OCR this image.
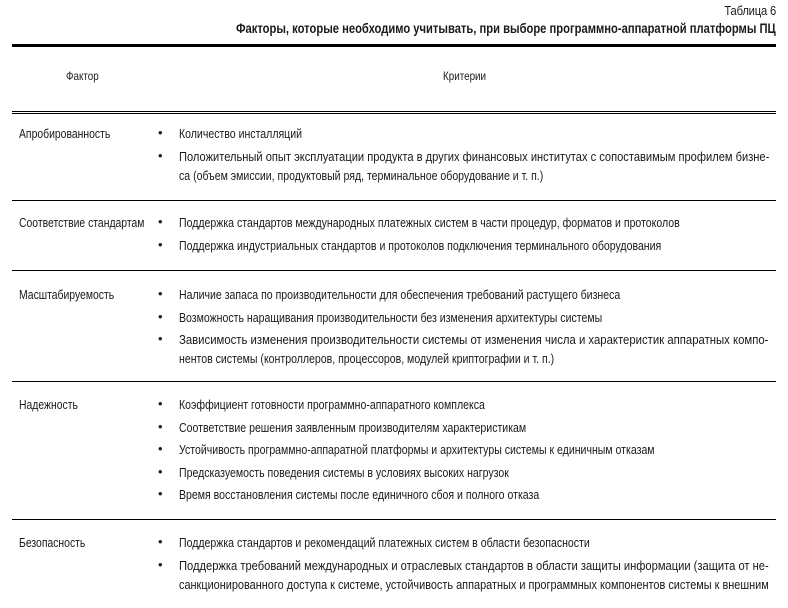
Таблица 6
Факторы, которые необходимо учитывать, при выборе программно-аппаратной платформы ПЦ
Фактор	Критерии
Апробированность	• Количество инсталляций
• Положительный опыт эксплуатации продукта в других финансовых институтах с сопоставимым профилем бизне-
са (объем эмиссии, продуктовый ряд, терминальное оборудование и т. п.)
Соответствие стандартам • Поддержка стандартов международных платежных систем в части процедур, форматов и протоколов
• Поддержка индустриальных стандартов и протоколов подключения терминального оборудования
Масштабируемость	• Наличие запаса по производительности для обеспечения требований растущего бизнеса
• Возможность наращивания производительности без изменения архитектуры системы
• Зависимость изменения производительности системы от изменения числа и характеристик аппаратных компо-
нентов системы (контроллеров, процессоров, модулей криптографии и т. п.)
Надежность	• Коэффициент готовности программно-аппаратного комплекса
• Соответствие решения заявленным производителям характеристикам
• Устойчивость программно-аппаратной платформы и архитектуры системы к единичным отказам
• Предсказуемость поведения системы в условиях высоких нагрузок
• Время восстановления системы после единичного сбоя и полного отказа
Безопасность	• Поддержка стандартов и рекомендаций платежных систем в области безопасности
• Поддержка требований международных и отраслевых стандартов в области защиты информации (защита от не-
санкционированного доступа к системе, устойчивость аппаратных и программных компонентов системы к внешним
